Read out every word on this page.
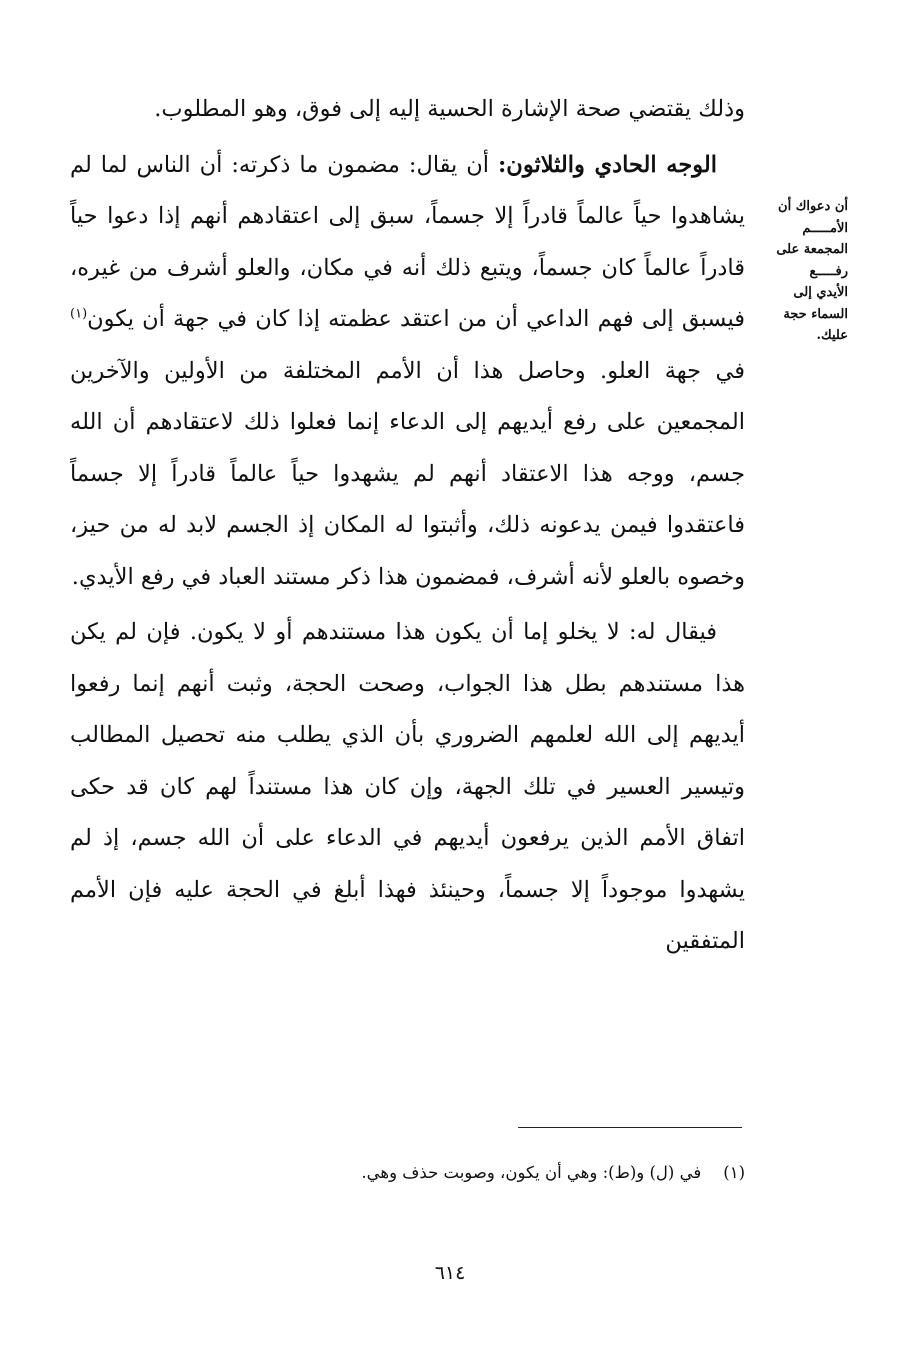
وذلك يقتضي صحة الإشارة الحسية إليه إلى فوق، وهو المطلوب.

الوجه الحادي والثلاثون: أن يقال: مضمون ما ذكرته: أن الناس لما لم يشاهدوا حياً عالماً قادراً إلا جسماً، سبق إلى اعتقادهم أنهم إذا دعوا حياً قادراً عالماً كان جسماً، ويتبع ذلك أنه في مكان، والعلو أشرف من غيره، فيسبق إلى فهم الداعي أن من اعتقد عظمته إذا كان في جهة أن يكون$^{(١)}$ في جهة العلو. وحاصل هذا أن الأمم المختلفة من الأولين والآخرين المجمعين على رفع أيديهم إلى الدعاء إنما فعلوا ذلك لاعتقادهم أن الله جسم، ووجه هذا الاعتقاد أنهم لم يشهدوا حياً عالماً قادراً إلا جسماً فاعتقدوا فيمن يدعونه ذلك، وأثبتوا له المكان إذ الجسم لابد له من حيز، وخصوه بالعلو لأنه أشرف، فمضمون هذا ذكر مستند العباد في رفع الأيدي.

فيقال له: لا يخلو إما أن يكون هذا مستندهم أو لا يكون. فإن لم يكن هذا مستندهم بطل هذا الجواب، وصحت الحجة، وثبت أنهم إنما رفعوا أيديهم إلى الله لعلمهم الضروري بأن الذي يطلب منه تحصيل المطالب وتيسير العسير في تلك الجهة، وإن كان هذا مستنداً لهم كان قد حكى اتفاق الأمم الذين يرفعون أيديهم في الدعاء على أن الله جسم، إذ لم يشهدوا موجوداً إلا جسماً، وحينئذ فهذا أبلغ في الحجة عليه فإن الأمم المتفقين

أن دعواك أن
الأمـــــم
المجمعة على
رفـــــع
الأيدي إلى
السماء حجة
عليك.
(١)في (ل) و(ط): وهي أن يكون، وصوبت حذف وهي.
٦١٤
